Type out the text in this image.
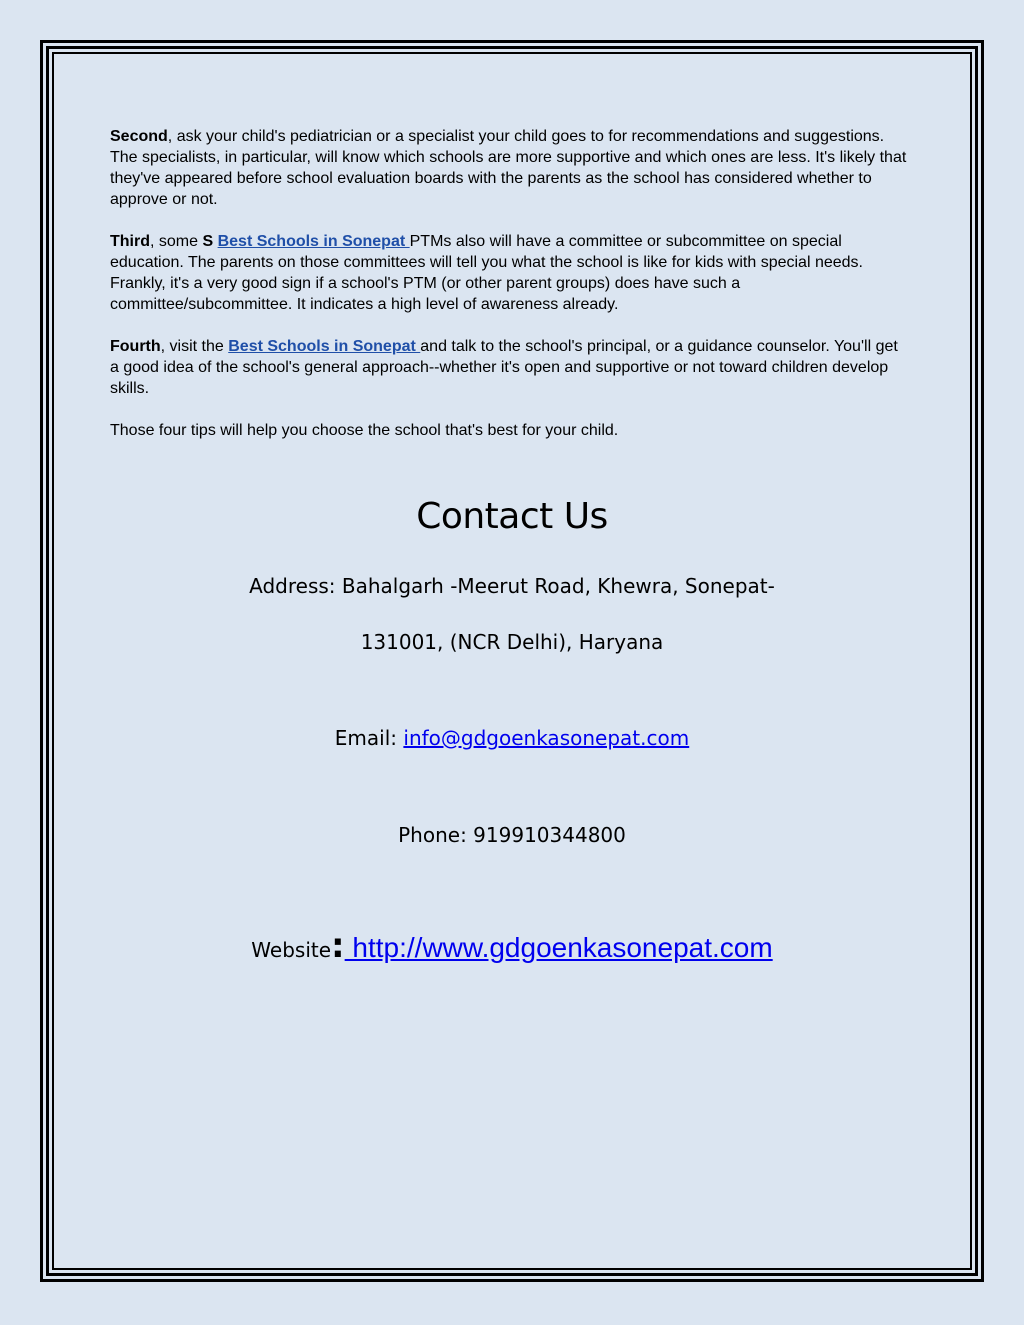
Second, ask your child's pediatrician or a specialist your child goes to for recommendations and suggestions. The specialists, in particular, will know which schools are more supportive and which ones are less. It's likely that they've appeared before school evaluation boards with the parents as the school has considered whether to approve or not.

Third, some S Best Schools in Sonepat PTMs also will have a committee or subcommittee on special education. The parents on those committees will tell you what the school is like for kids with special needs. Frankly, it's a very good sign if a school's PTM (or other parent groups) does have such a committee/subcommittee. It indicates a high level of awareness already.

Fourth, visit the Best Schools in Sonepat and talk to the school's principal, or a guidance counselor. You'll get a good idea of the school's general approach--whether it's open and supportive or not toward children develop skills.

Those four tips will help you choose the school that's best for your child.

Contact Us
Address: Bahalgarh -Meerut Road, Khewra, Sonepat-
131001, (NCR Delhi), Haryana
Email: info@gdgoenkasonepat.com
Phone: 919910344800
Website: http://www.gdgoenkasonepat.com
